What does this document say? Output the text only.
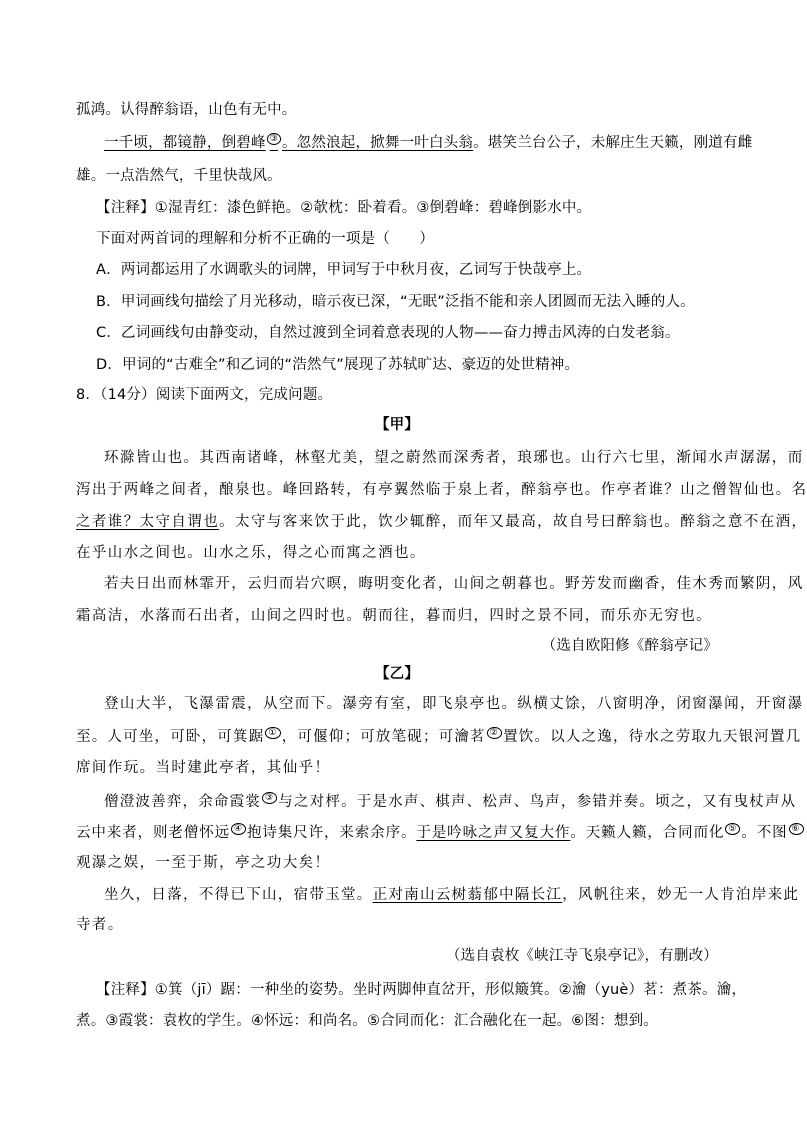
孤鸿。认得醉翁语，山色有无中。

一千顷，都镜静，倒碧峰 ③ 。忽然浪起，掀舞一叶白头翁。堪笑兰台公子，未解庄生天籁，刚道有雌

雄。一点浩然气，千里快哉风。

【注释】①湿青红：漆色鲜艳。②欹枕：卧着看。③倒碧峰：碧峰倒影水中。

下面对两首词的理解和分析不正确的一项是（　　）

A．两词都运用了水调歌头的词牌，甲词写于中秋月夜，乙词写于快哉亭上。

B．甲词画线句描绘了月光移动，暗示夜已深，“无眠”泛指不能和亲人团圆而无法入睡的人。

C．乙词画线句由静变动，自然过渡到全词着意表现的人物——奋力搏击风涛的白发老翁。

D．甲词的“古难全”和乙词的“浩然气”展现了苏轼旷达、豪迈的处世精神。

8．（14分）阅读下面两文，完成问题。

【甲】

环滁皆山也。其西南诸峰，林壑尤美，望之蔚然而深秀者，琅琊也。山行六七里，渐闻水声潺潺，而

泻出于两峰之间者，酿泉也。峰回路转，有亭翼然临于泉上者，醉翁亭也。作亭者谁？山之僧智仙也。名

之者谁？太守自谓也。太守与客来饮于此，饮少辄醉，而年又最高，故自号曰醉翁也。醉翁之意不在酒，

在乎山水之间也。山水之乐，得之心而寓之酒也。

若夫日出而林霏开，云归而岩穴暝，晦明变化者，山间之朝暮也。野芳发而幽香，佳木秀而繁阴，风

霜高洁，水落而石出者，山间之四时也。朝而往，暮而归，四时之景不同，而乐亦无穷也。

（选自欧阳修《醉翁亭记》

【乙】

登山大半，飞瀑雷震，从空而下。瀑旁有室，即飞泉亭也。纵横丈馀，八窗明净，闭窗瀑闻，开窗瀑

至。人可坐，可卧，可箕踞 ① ，可偃仰；可放笔砚；可瀹茗 ② 置饮。以人之逸，待水之劳取九天银河置几

席间作玩。当时建此亭者，其仙乎！

僧澄波善弈，余命霞裳 ③ 与之对枰。于是水声、棋声、松声、鸟声，参错并奏。顷之，又有曳杖声从

云中来者，则老僧怀远 ④ 抱诗集尺许，来索余序。于是吟咏之声又复大作。天籁人籁，合同而化 ⑤ 。不图 ⑥

观瀑之娱，一至于斯，亭之功大矣！

坐久，日落，不得已下山，宿带玉堂。正对南山云树蓊郁中隔长江，风帆往来，妙无一人肯泊岸来此

寺者。

（选自袁枚《峡江寺飞泉亭记》，有删改）

【注释】①箕（jī）踞：一种坐的姿势。坐时两脚伸直岔开，形似簸箕。②瀹（yuè）茗：煮茶。瀹，

煮。③霞裳：袁枚的学生。④怀远：和尚名。⑤合同而化：汇合融化在一起。⑥图：想到。
